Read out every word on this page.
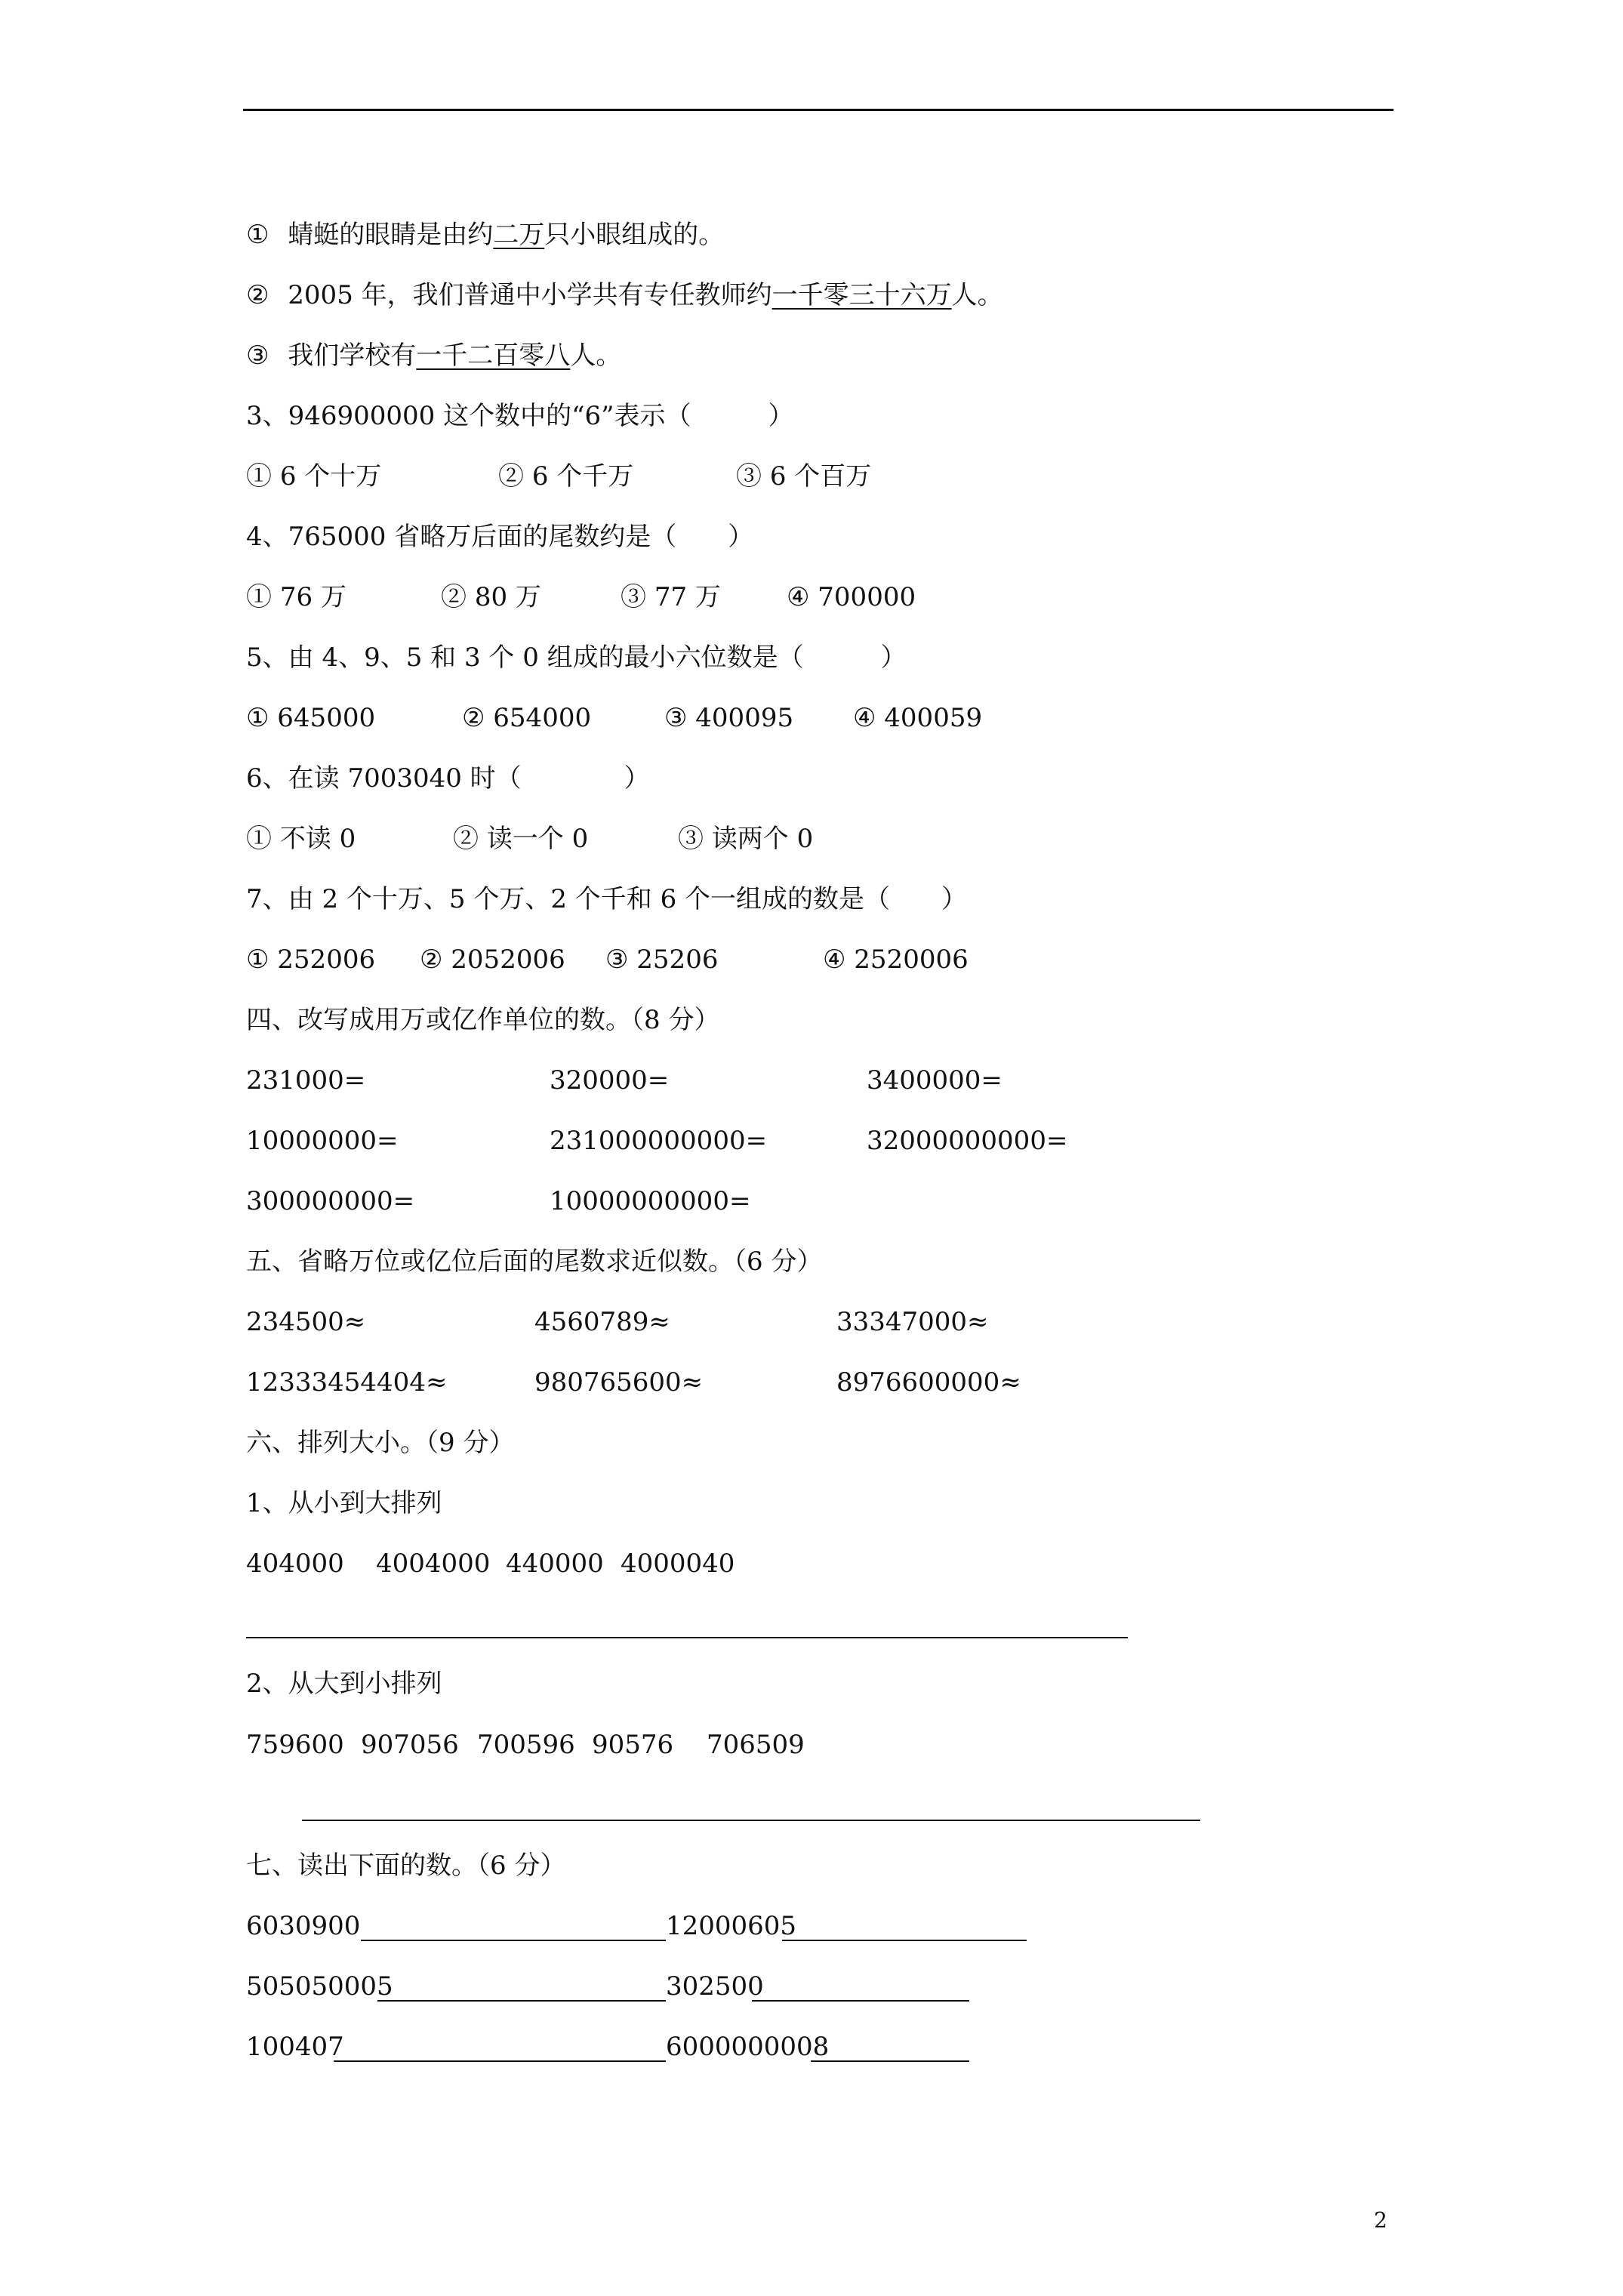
① 蜻蜓的眼睛是由约二万只小眼组成的。
② 2005 年，我们普通中小学共有专任教师约一千零三十六万人。
③ 我们学校有一千二百零八人。
3、946900000 这个数中的“6”表示（　　　）
① 6 个十万	② 6 个千万	③ 6 个百万
4、765000 省略万后面的尾数约是（　　）
① 76 万	② 80 万	③ 77 万	④ 700000
5、由 4、9、5 和 3 个 0 组成的最小六位数是（　　　）
① 645000	② 654000	③ 400095 ④ 400059
6、在读 7003040 时（　　　　）
① 不读 0	② 读一个 0	③ 读两个 0
7、由 2 个十万、5 个万、2 个千和 6 个一组成的数是（　　）
① 252006 ② 2052006 ③ 25206	④ 2520006
四、改写成用万或亿作单位的数。（8 分）
231000=	320000=	3400000=
10000000=	231000000000=	32000000000=
300000000=	10000000000=
五、省略万位或亿位后面的尾数求近似数。（6 分）
234500≈	4560789≈	33347000≈
12333454404≈	980765600≈	8976600000≈
六、排列大小。（9 分）
1、从小到大排列
404000 4004000 440000 4000040
2、从大到小排列
759600 907056 700596 90576 706509
七、读出下面的数。（6 分）
6030900	12000605
505050005	302500
100407	6000000008
2
